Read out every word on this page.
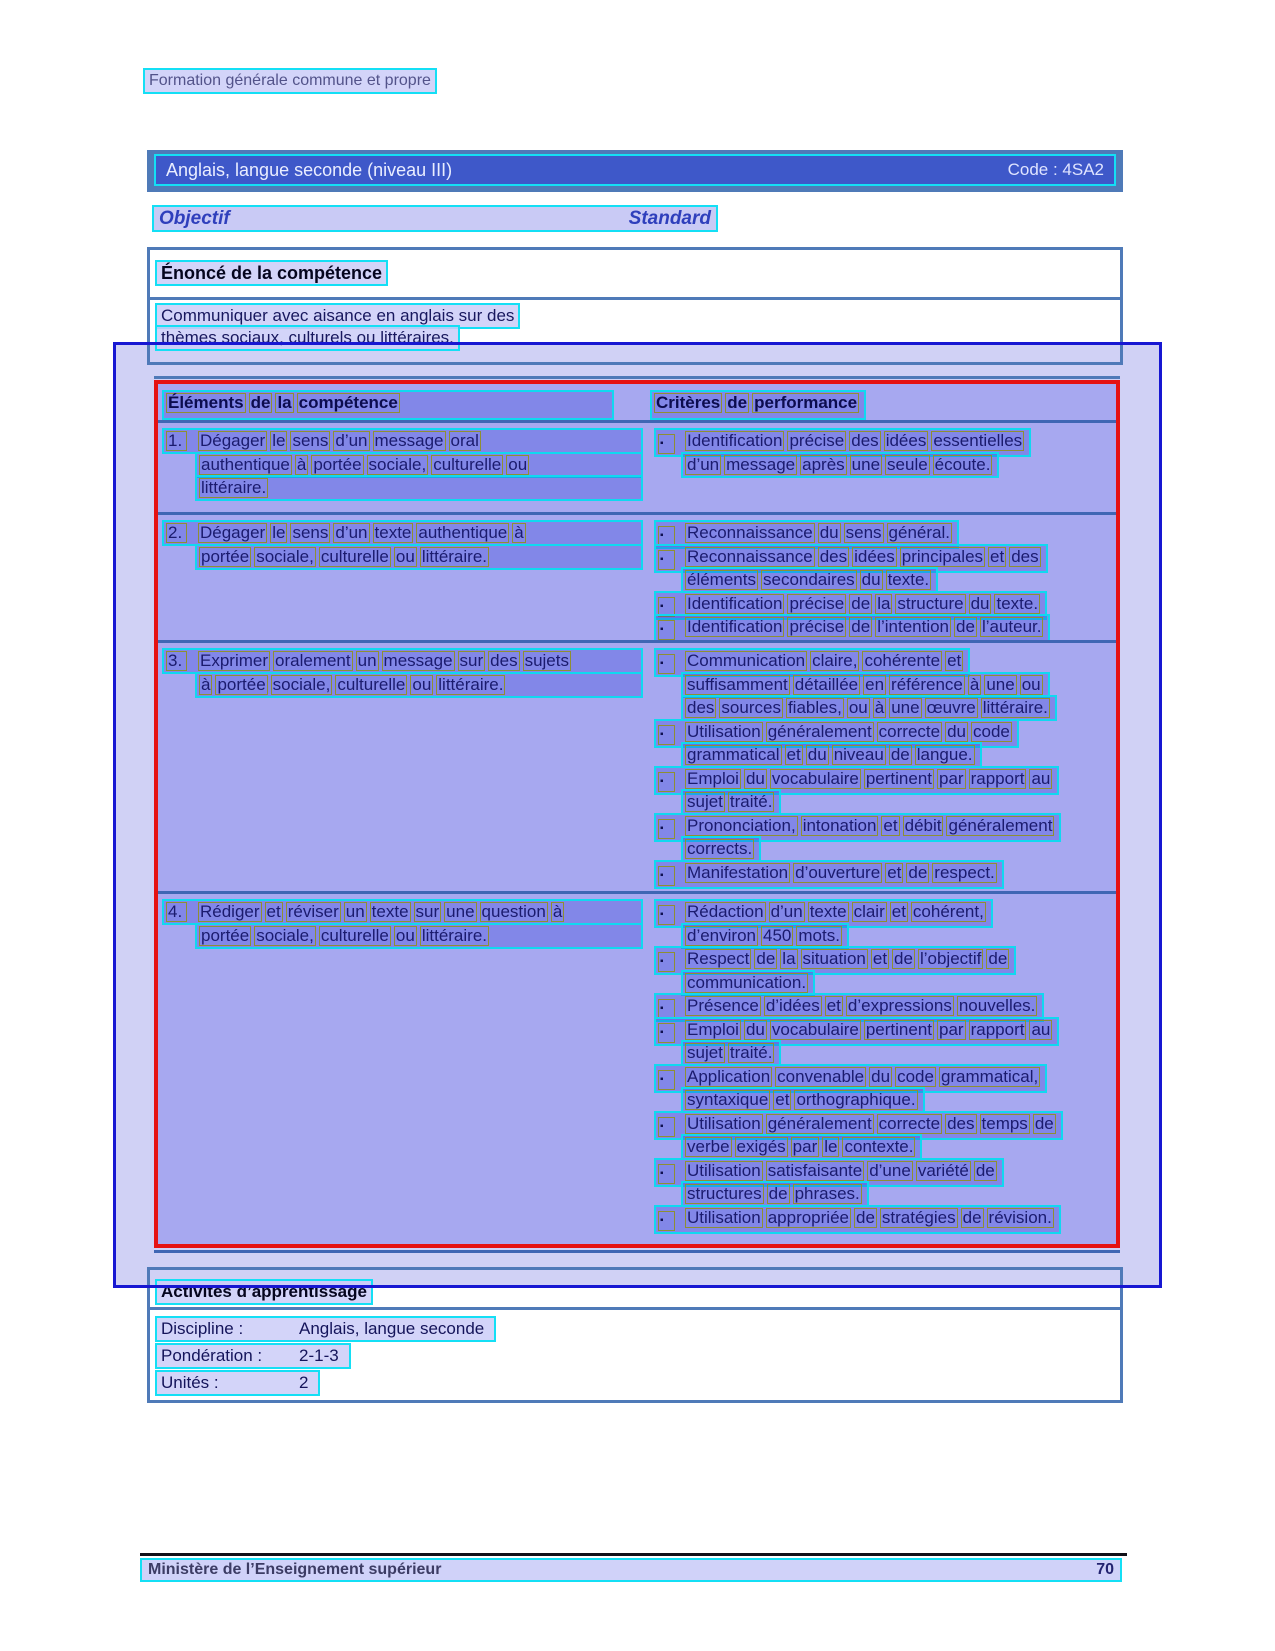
Formation générale commune et propre
Anglais, langue seconde (niveau III)	Code : 4SA2
Objectif	Standard
Énoncé de la compétence
Communiquer avec aisance en anglais sur des
thèmes sociaux, culturels ou littéraires.
Éléments de la compétence	Critères de performance
1. Dégager le sens d’un message oral
authentique à portée sociale, culturelle ou
littéraire.
▪ Identification précise des idées essentielles
d’un message après une seule écoute.
2. Dégager le sens d’un texte authentique à
portée sociale, culturelle ou littéraire.
▪ Reconnaissance du sens général.
▪ Reconnaissance des idées principales et des
éléments secondaires du texte.
▪ Identification précise de la structure du texte.
▪ Identification précise de l’intention de l’auteur.
3. Exprimer oralement un message sur des sujets
à portée sociale, culturelle ou littéraire.
▪ Communication claire, cohérente et
suffisamment détaillée en référence à une ou
des sources fiables, ou à une œuvre littéraire.
▪ Utilisation généralement correcte du code
grammatical et du niveau de langue.
▪ Emploi du vocabulaire pertinent par rapport au
sujet traité.
▪ Prononciation, intonation et débit généralement
corrects.
▪ Manifestation d’ouverture et de respect.
4. Rédiger et réviser un texte sur une question à
portée sociale, culturelle ou littéraire.
▪ Rédaction d’un texte clair et cohérent,
d’environ 450 mots.
▪ Respect de la situation et de l’objectif de
communication.
▪ Présence d’idées et d’expressions nouvelles.
▪ Emploi du vocabulaire pertinent par rapport au
sujet traité.
▪ Application convenable du code grammatical,
syntaxique et orthographique.
▪ Utilisation généralement correcte des temps de
verbe exigés par le contexte.
▪ Utilisation satisfaisante d’une variété de
structures de phrases.
▪ Utilisation appropriée de stratégies de révision.
Activités d’apprentissage
Discipline :	Anglais, langue seconde
Pondération : 2-1-3
Unités :	2
Ministère de l’Enseignement supérieur	70
